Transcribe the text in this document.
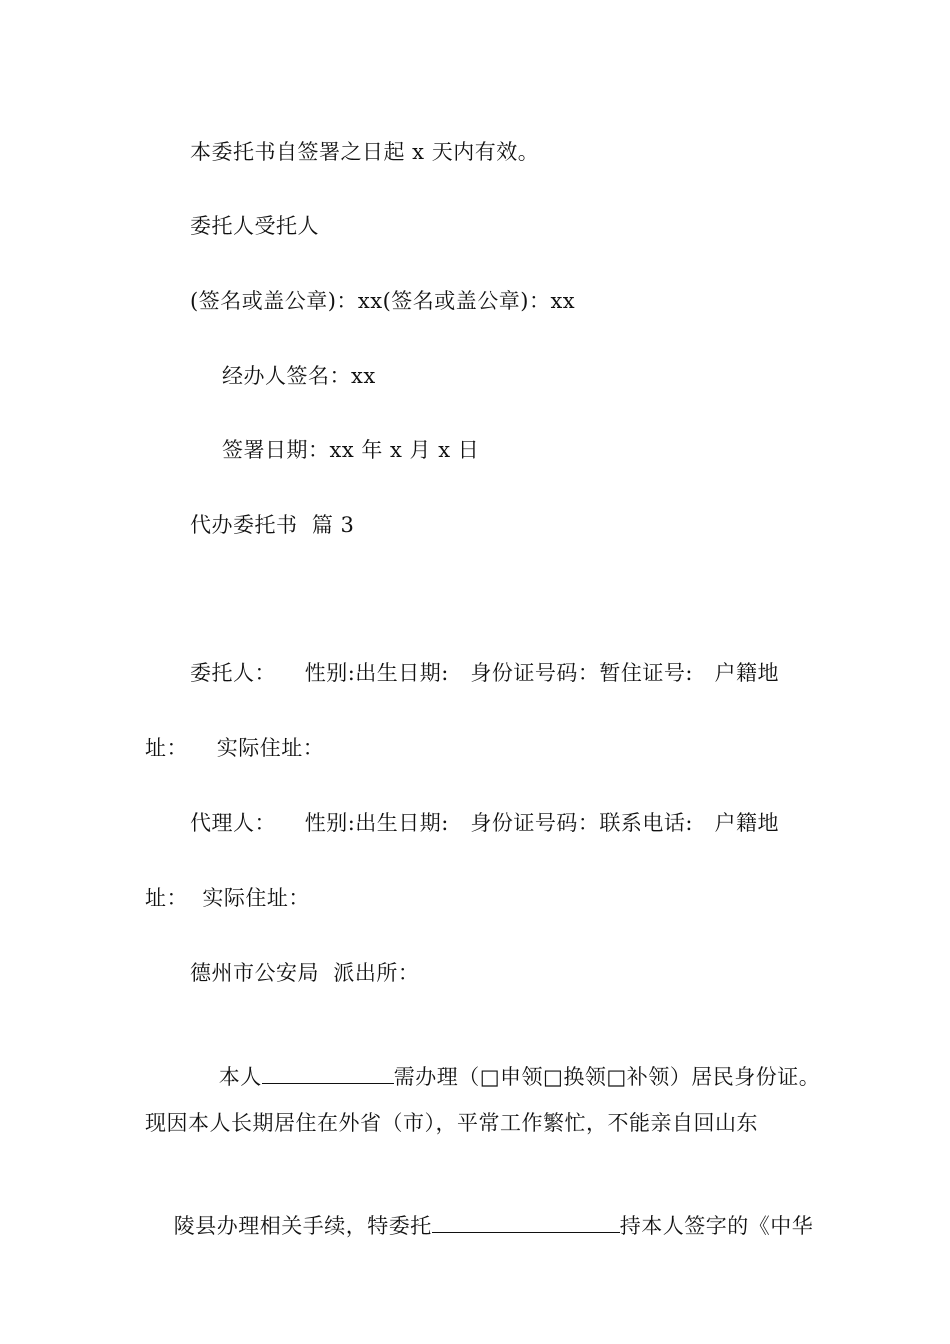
本委托书自签署之日起 x 天内有效。
委托人受托人
(签名或盖公章)：xx(签名或盖公章)：xx
经办人签名：xx
签署日期：xx 年 x 月 x 日
代办委托书  篇 3
委托人：    性别:出生日期:   身份证号码：暂住证号:   户籍地
址：    实际住址：
代理人：    性别:出生日期:   身份证号码：联系电话:   户籍地
址：  实际住址：
德州市公安局  派出所：

本人	需办理（□申领□换领□补领）居民身份证。

现因本人长期居住在外省（市），平常工作繁忙，不能亲自回山东

陵县办理相关手续，特委托	持本人签字的《中华
